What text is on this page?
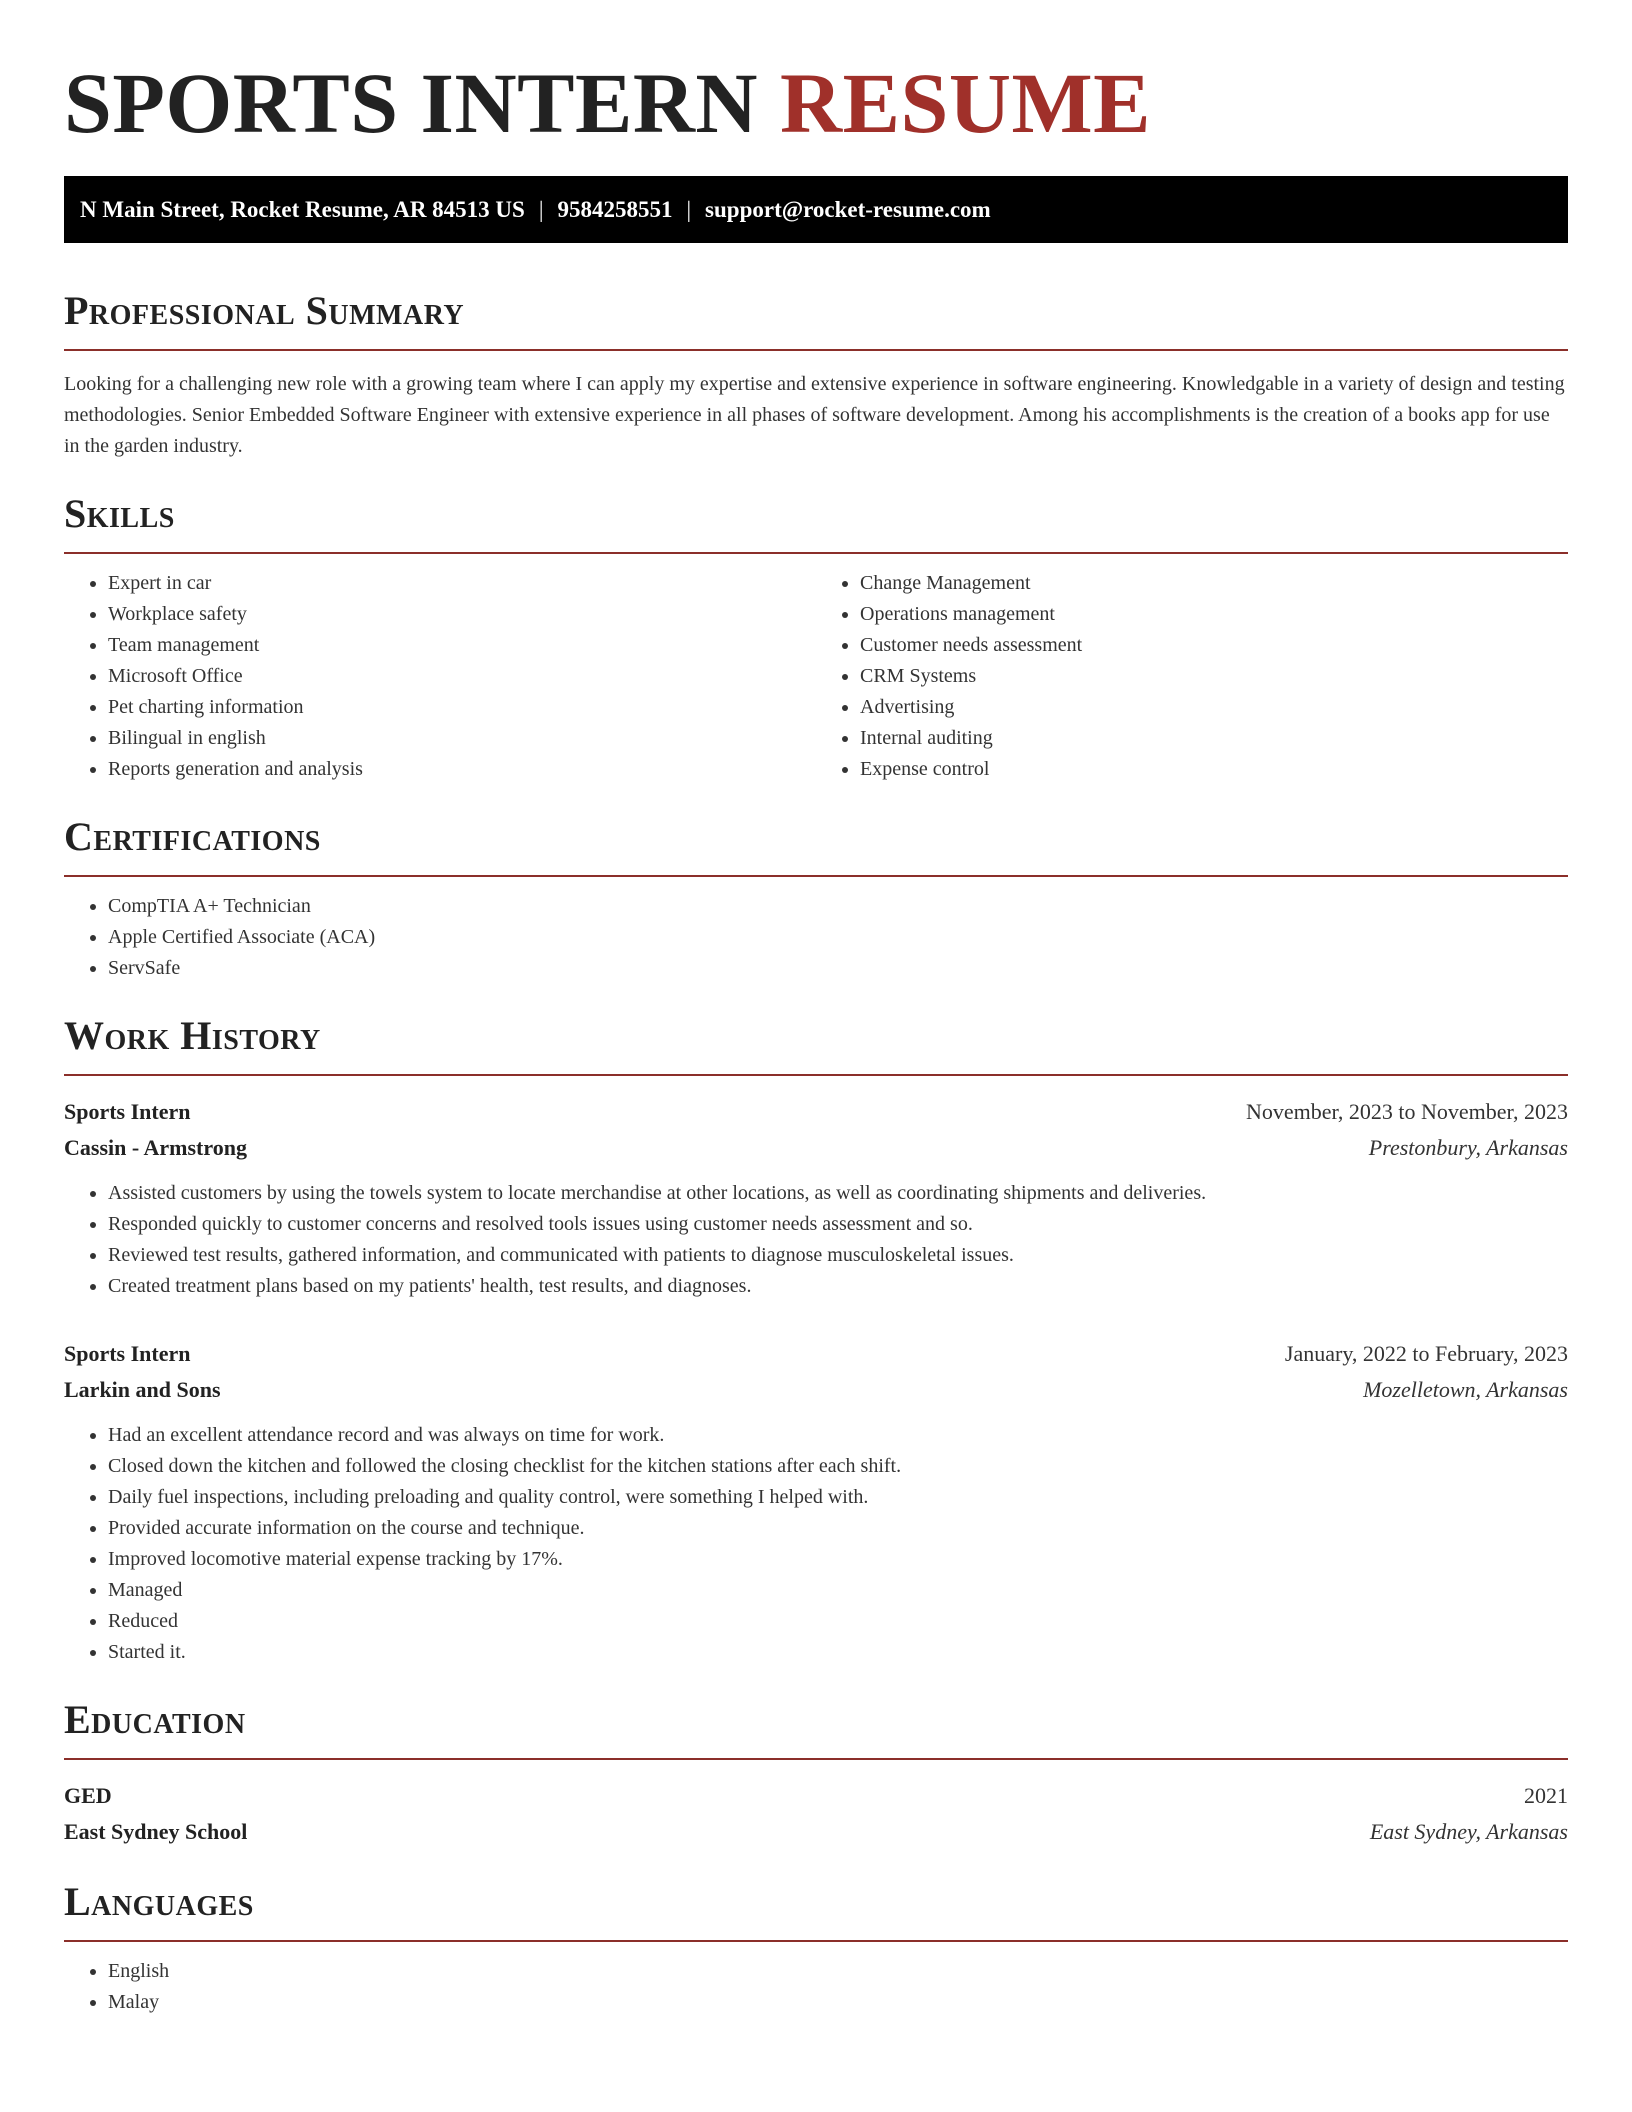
SPORTS INTERN RESUME
N Main Street, Rocket Resume, AR 84513 US | 9584258551 | support@rocket-resume.com
Professional Summary

Looking for a challenging new role with a growing team where I can apply my expertise and extensive experience in software engineering. Knowledgable in a variety of design and testing methodologies. Senior Embedded Software Engineer with extensive experience in all phases of software development. Among his accomplishments is the creation of a books app for use in the garden industry.

Skills
• Expert in car
• Workplace safety
• Team management
• Microsoft Office
• Pet charting information
• Bilingual in english
• Reports generation and analysis
• Change Management
• Operations management
• Customer needs assessment
• CRM Systems
• Advertising
• Internal auditing
• Expense control
Certifications
• CompTIA A+ Technician
• Apple Certified Associate (ACA)
• ServSafe
Work History
Sports Intern	November, 2023 to November, 2023
Cassin - Armstrong	Prestonbury, Arkansas
• Assisted customers by using the towels system to locate merchandise at other locations, as well as coordinating shipments and deliveries.
• Responded quickly to customer concerns and resolved tools issues using customer needs assessment and so.
• Reviewed test results, gathered information, and communicated with patients to diagnose musculoskeletal issues.
• Created treatment plans based on my patients' health, test results, and diagnoses.
Sports Intern	January, 2022 to February, 2023
Larkin and Sons	Mozelletown, Arkansas
• Had an excellent attendance record and was always on time for work.
• Closed down the kitchen and followed the closing checklist for the kitchen stations after each shift.
• Daily fuel inspections, including preloading and quality control, were something I helped with.
• Provided accurate information on the course and technique.
• Improved locomotive material expense tracking by 17%.
• Managed
• Reduced
• Started it.
Education
GED	2021
East Sydney School	East Sydney, Arkansas
Languages
• English
• Malay
